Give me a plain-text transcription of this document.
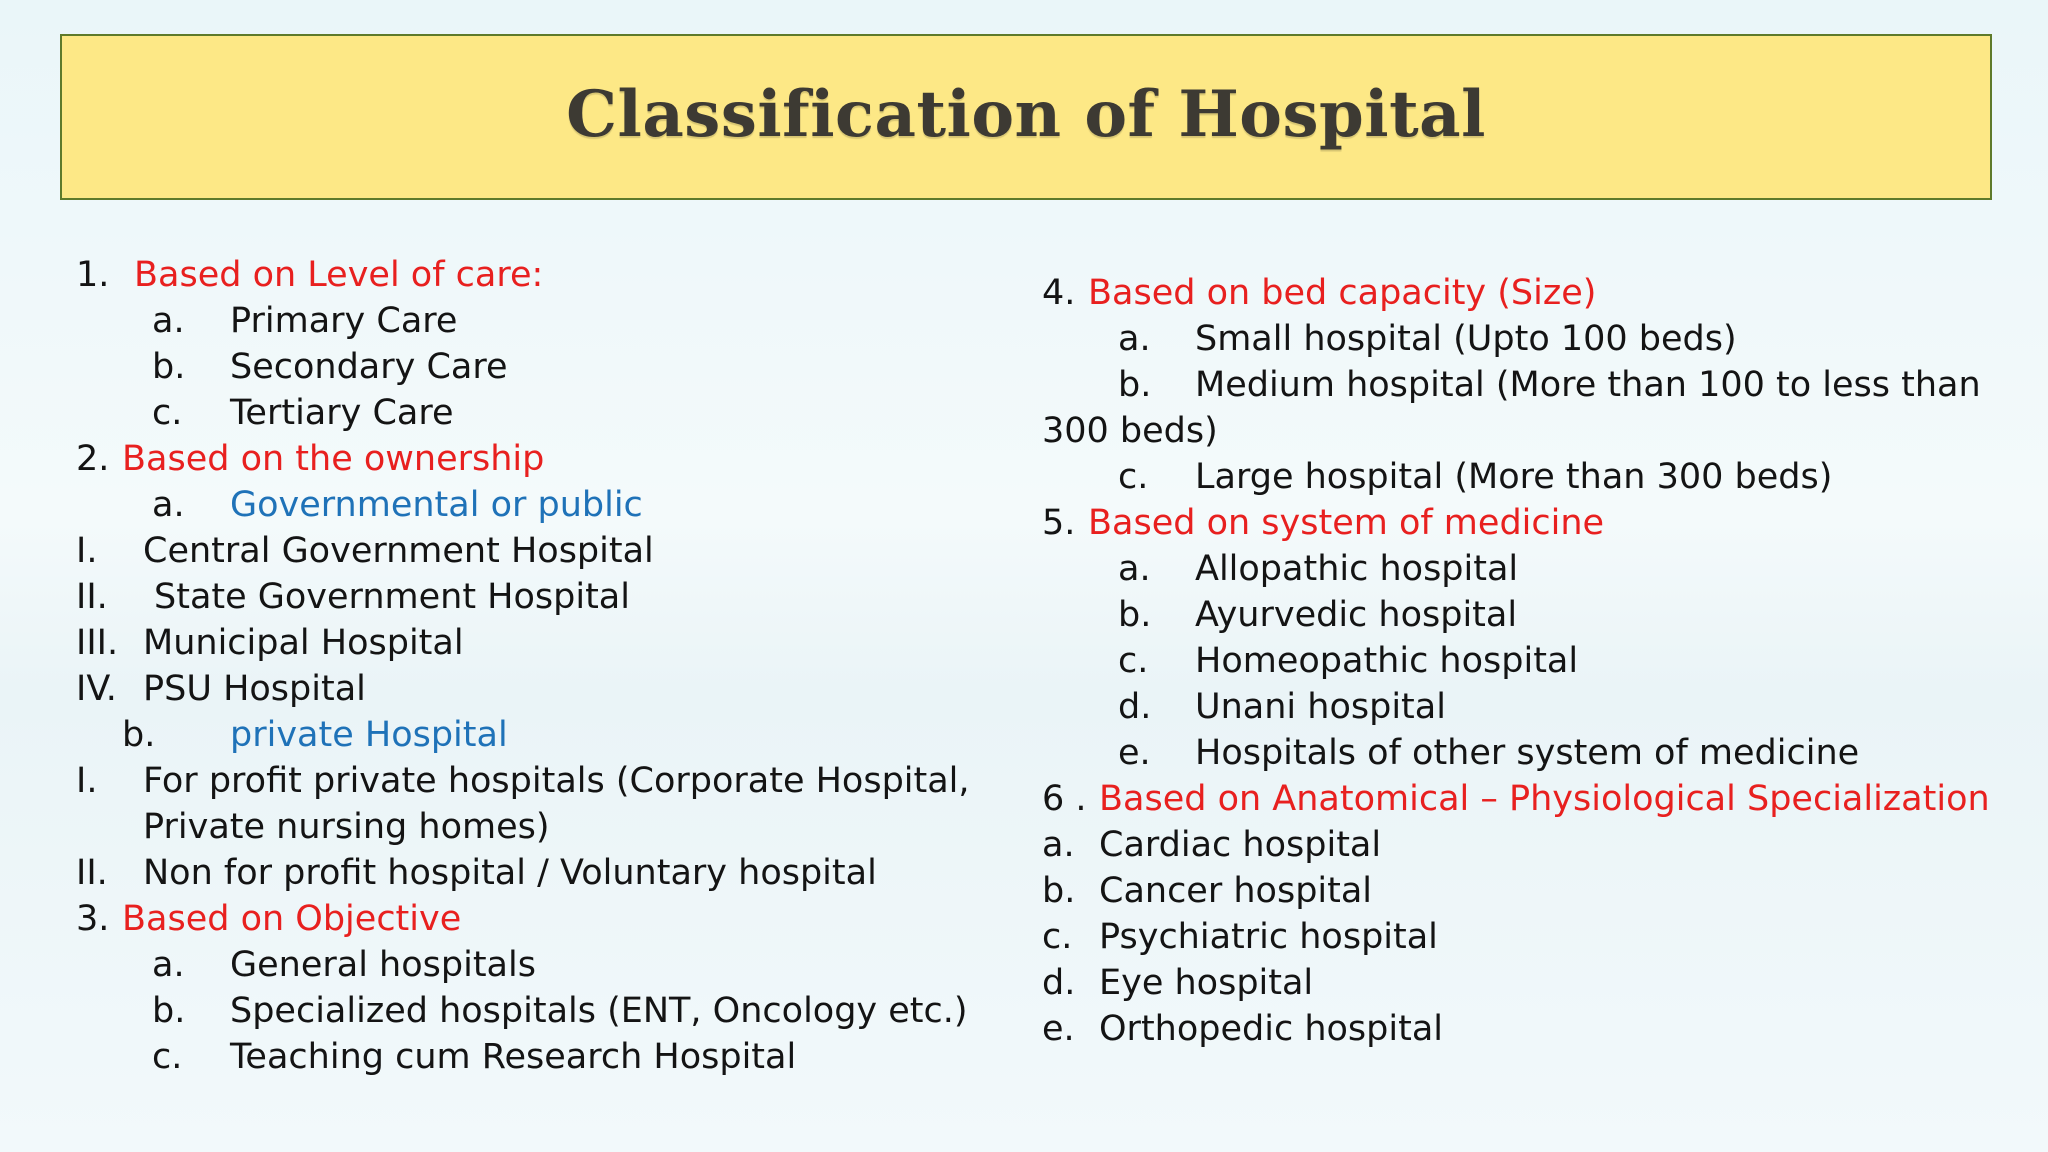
Classification of Hospital
1. Based on Level of care:
a. Primary Care
b. Secondary Care
c. Tertiary Care
2. Based on the ownership
a. Governmental or public
I. Central Government Hospital
II. State Government Hospital
III. Municipal Hospital
IV. PSU Hospital
b. private Hospital
I. For profit private hospitals (Corporate Hospital,
Private nursing homes)
II. Non for profit hospital / Voluntary hospital
3. Based on Objective
a. General hospitals
b. Specialized hospitals (ENT, Oncology etc.)
c. Teaching cum Research Hospital
4. Based on bed capacity (Size)
a. Small hospital (Upto 100 beds)
b. Medium hospital (More than 100 to less than
300 beds)
c. Large hospital (More than 300 beds)
5. Based on system of medicine
a. Allopathic hospital
b. Ayurvedic hospital
c. Homeopathic hospital
d. Unani hospital
e. Hospitals of other system of medicine
6 . Based on Anatomical – Physiological Specialization
a. Cardiac hospital
b. Cancer hospital
c. Psychiatric hospital
d. Eye hospital
e. Orthopedic hospital
